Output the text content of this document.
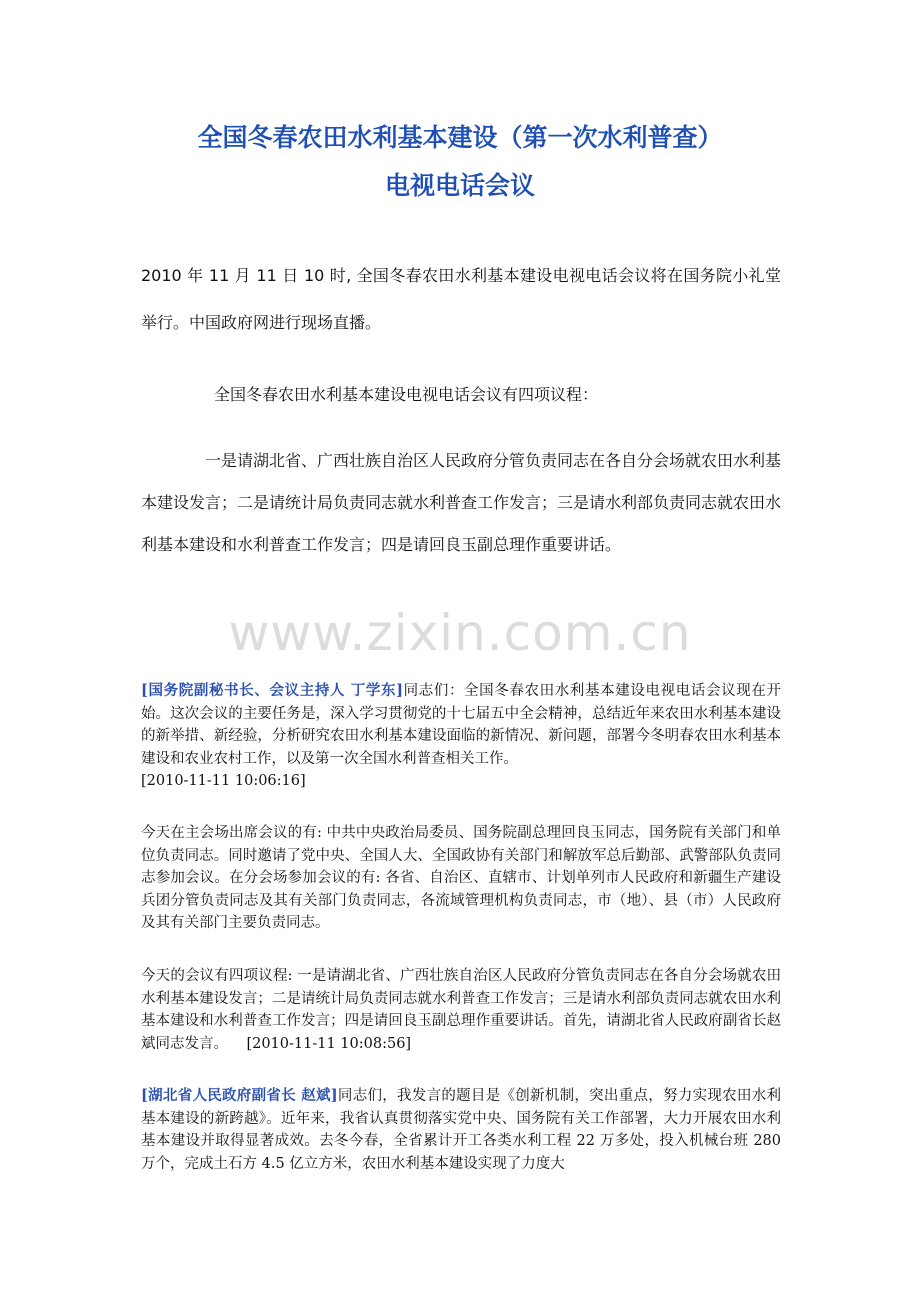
全国冬春农田水利基本建设（第一次水利普查）
电视电话会议

2010 年 11 月 11 日 10 时, 全国冬春农田水利基本建设电视电话会议将在国务院小礼堂举行。中国政府网进行现场直播。

全国冬春农田水利基本建设电视电话会议有四项议程：

一是请湖北省、广西壮族自治区人民政府分管负责同志在各自分会场就农田水利基本建设发言；二是请统计局负责同志就水利普查工作发言；三是请水利部负责同志就农田水利基本建设和水利普查工作发言；四是请回良玉副总理作重要讲话。

www.zixin.com.cn

[国务院副秘书长、会议主持人 丁学东]同志们：全国冬春农田水利基本建设电视电话会议现在开始。这次会议的主要任务是，深入学习贯彻党的十七届五中全会精神，总结近年来农田水利基本建设的新举措、新经验，分析研究农田水利基本建设面临的新情况、新问题，部署今冬明春农田水利基本建设和农业农村工作，以及第一次全国水利普查相关工作。
[2010-11-11 10:06:16]

今天在主会场出席会议的有: 中共中央政治局委员、国务院副总理回良玉同志，国务院有关部门和单位负责同志。同时邀请了党中央、全国人大、全国政协有关部门和解放军总后勤部、武警部队负责同志参加会议。在分会场参加会议的有: 各省、自治区、直辖市、计划单列市人民政府和新疆生产建设兵团分管负责同志及其有关部门负责同志，各流域管理机构负责同志，市（地）、县（市）人民政府及其有关部门主要负责同志。

今天的会议有四项议程: 一是请湖北省、广西壮族自治区人民政府分管负责同志在各自分会场就农田水利基本建设发言；二是请统计局负责同志就水利普查工作发言；三是请水利部负责同志就农田水利基本建设和水利普查工作发言；四是请回良玉副总理作重要讲话。首先，请湖北省人民政府副省长赵斌同志发言。 [2010-11-11 10:08:56]

[湖北省人民政府副省长 赵斌]同志们，我发言的题目是《创新机制，突出重点，努力实现农田水利基本建设的新跨越》。近年来，我省认真贯彻落实党中央、国务院有关工作部署，大力开展农田水利基本建设并取得显著成效。去冬今春，全省累计开工各类水利工程 22 万多处，投入机械台班 280 万个，完成土石方 4.5 亿立方米，农田水利基本建设实现了力度大
